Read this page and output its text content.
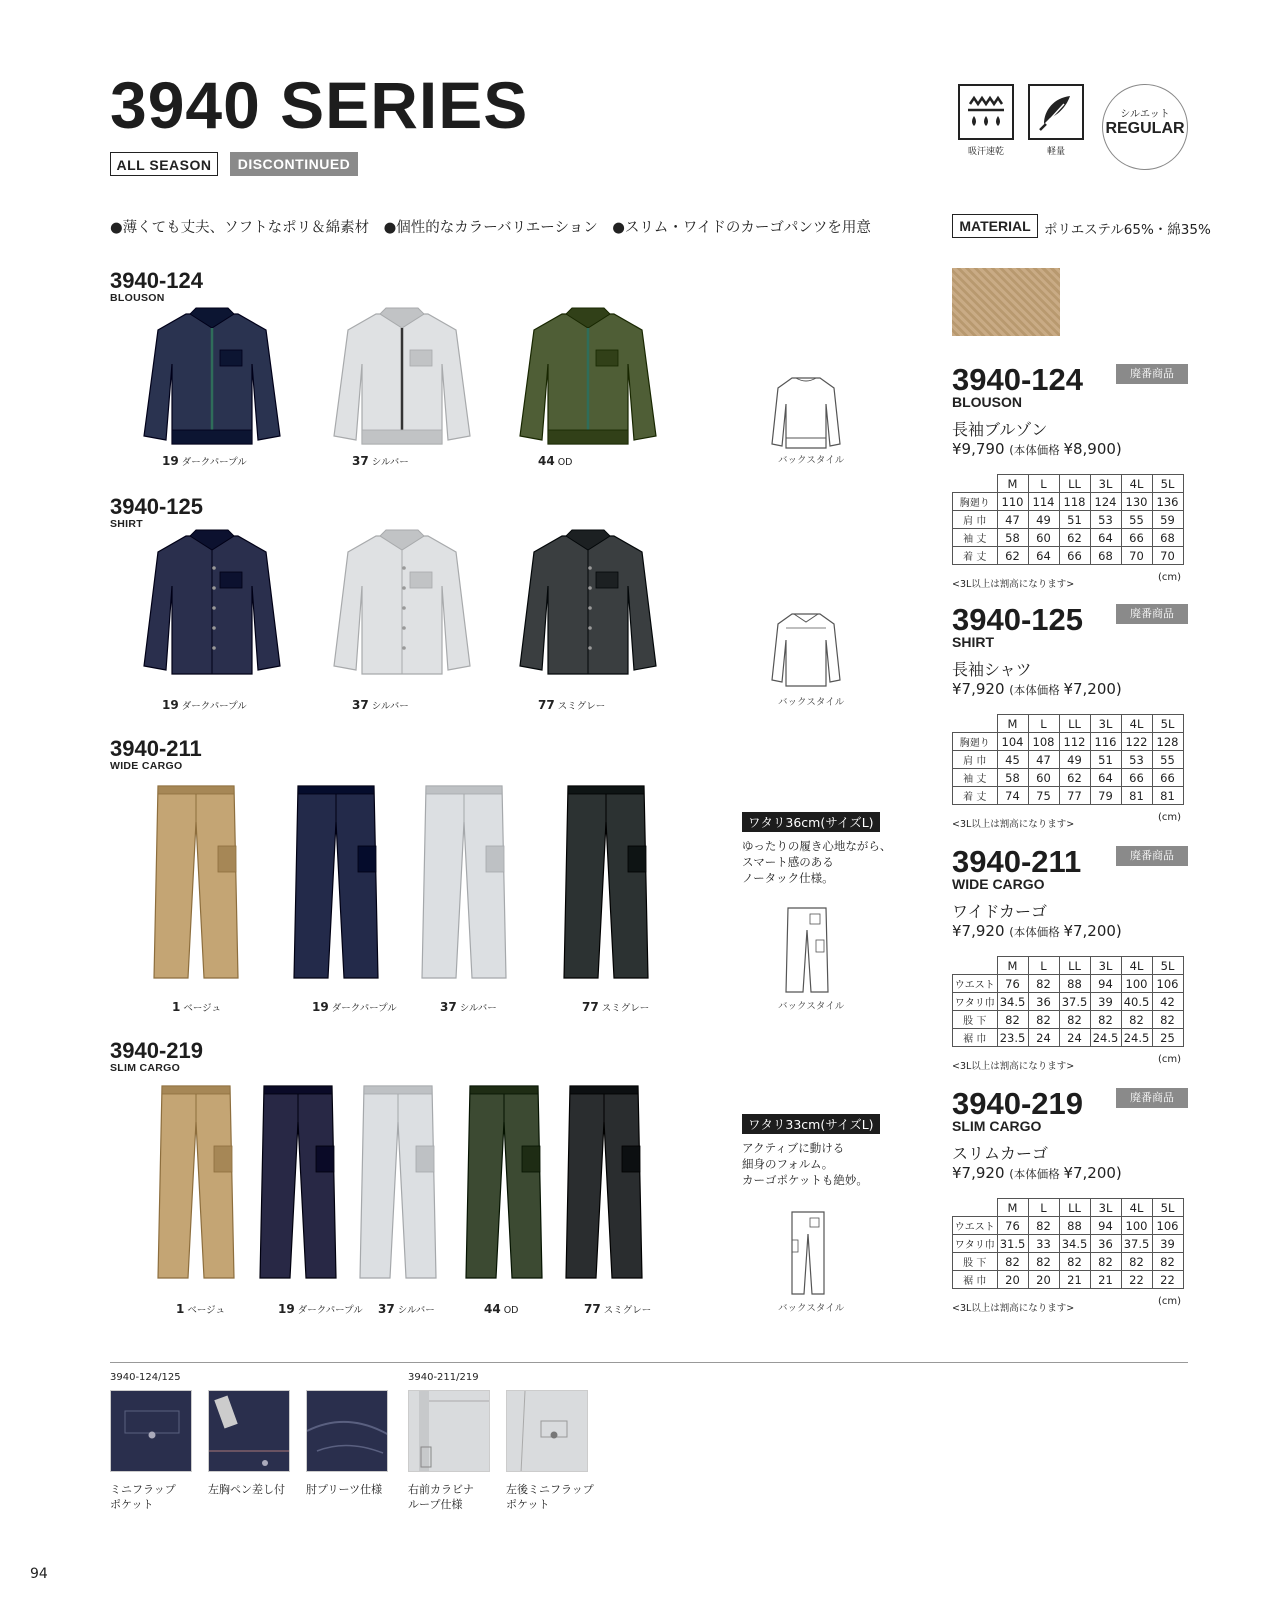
3940 SERIES
ALL SEASON	DISCONTINUED
吸汗速乾	軽量
シルエット
REGULAR
●薄くても丈夫、ソフトなポリ＆綿素材　●個性的なカラーバリエーション　●スリム・ワイドのカーゴパンツを用意	MATERIAL ポリエステル65%・綿35%
3940-124
BLOUSON
3940-125
SHIRT
3940-211
WIDE CARGO
3940-219
SLIM CARGO
19 ダークパープル	37 シルバー	44 OD
19 ダークパープル	37 シルバー	77 スミグレー
1 ベージュ	19 ダークパープル	37 シルバー	77 スミグレー
1 ベージュ	19 ダークパープル 37 シルバー	44 OD	77 スミグレー
バックスタイル
バックスタイル
ワタリ36cm(サイズL)
ゆったりの履き心地ながら、
スマート感のある
ノータック仕様。
バックスタイル
ワタリ33cm(サイズL)
アクティブに動ける
細身のフォルム。
カーゴポケットも絶妙。
バックスタイル
3940-124
BLOUSON
廃番商品
長袖ブルゾン
¥9,790 (本体価格 ¥8,900)
	M	L	LL	3L	4L	5L
胸廻り	110	114	118	124	130	136
肩 巾	47	49	51	53	55	59
袖 丈	58	60	62	64	66	68
着 丈	62	64	66	68	70	70
<3L以上は割高になります>
(cm)
3940-125
SHIRT
廃番商品
長袖シャツ
¥7,920 (本体価格 ¥7,200)
	M	L	LL	3L	4L	5L
胸廻り	104	108	112	116	122	128
肩 巾	45	47	49	51	53	55
袖 丈	58	60	62	64	66	66
着 丈	74	75	77	79	81	81
<3L以上は割高になります>
(cm)
3940-211
WIDE CARGO
廃番商品
ワイドカーゴ
¥7,920 (本体価格 ¥7,200)
	M	L	LL	3L	4L	5L
ウエスト	76	82	88	94	100	106
ワタリ巾	34.5	36	37.5	39	40.5	42
股 下	82	82	82	82	82	82
裾 巾	23.5	24	24	24.5	24.5	25
<3L以上は割高になります>
(cm)
3940-219
SLIM CARGO
廃番商品
スリムカーゴ
¥7,920 (本体価格 ¥7,200)
	M	L	LL	3L	4L	5L
ウエスト	76	82	88	94	100	106
ワタリ巾	31.5	33	34.5	36	37.5	39
股 下	82	82	82	82	82	82
裾 巾	20	20	21	21	22	22
<3L以上は割高になります>
(cm)
3940-124/125	3940-211/219
ミニフラップ
ポケット
左胸ペン差し付 肘プリーツ仕様 右前カラビナ
ループ仕様
左後ミニフラップ
ポケット
94
